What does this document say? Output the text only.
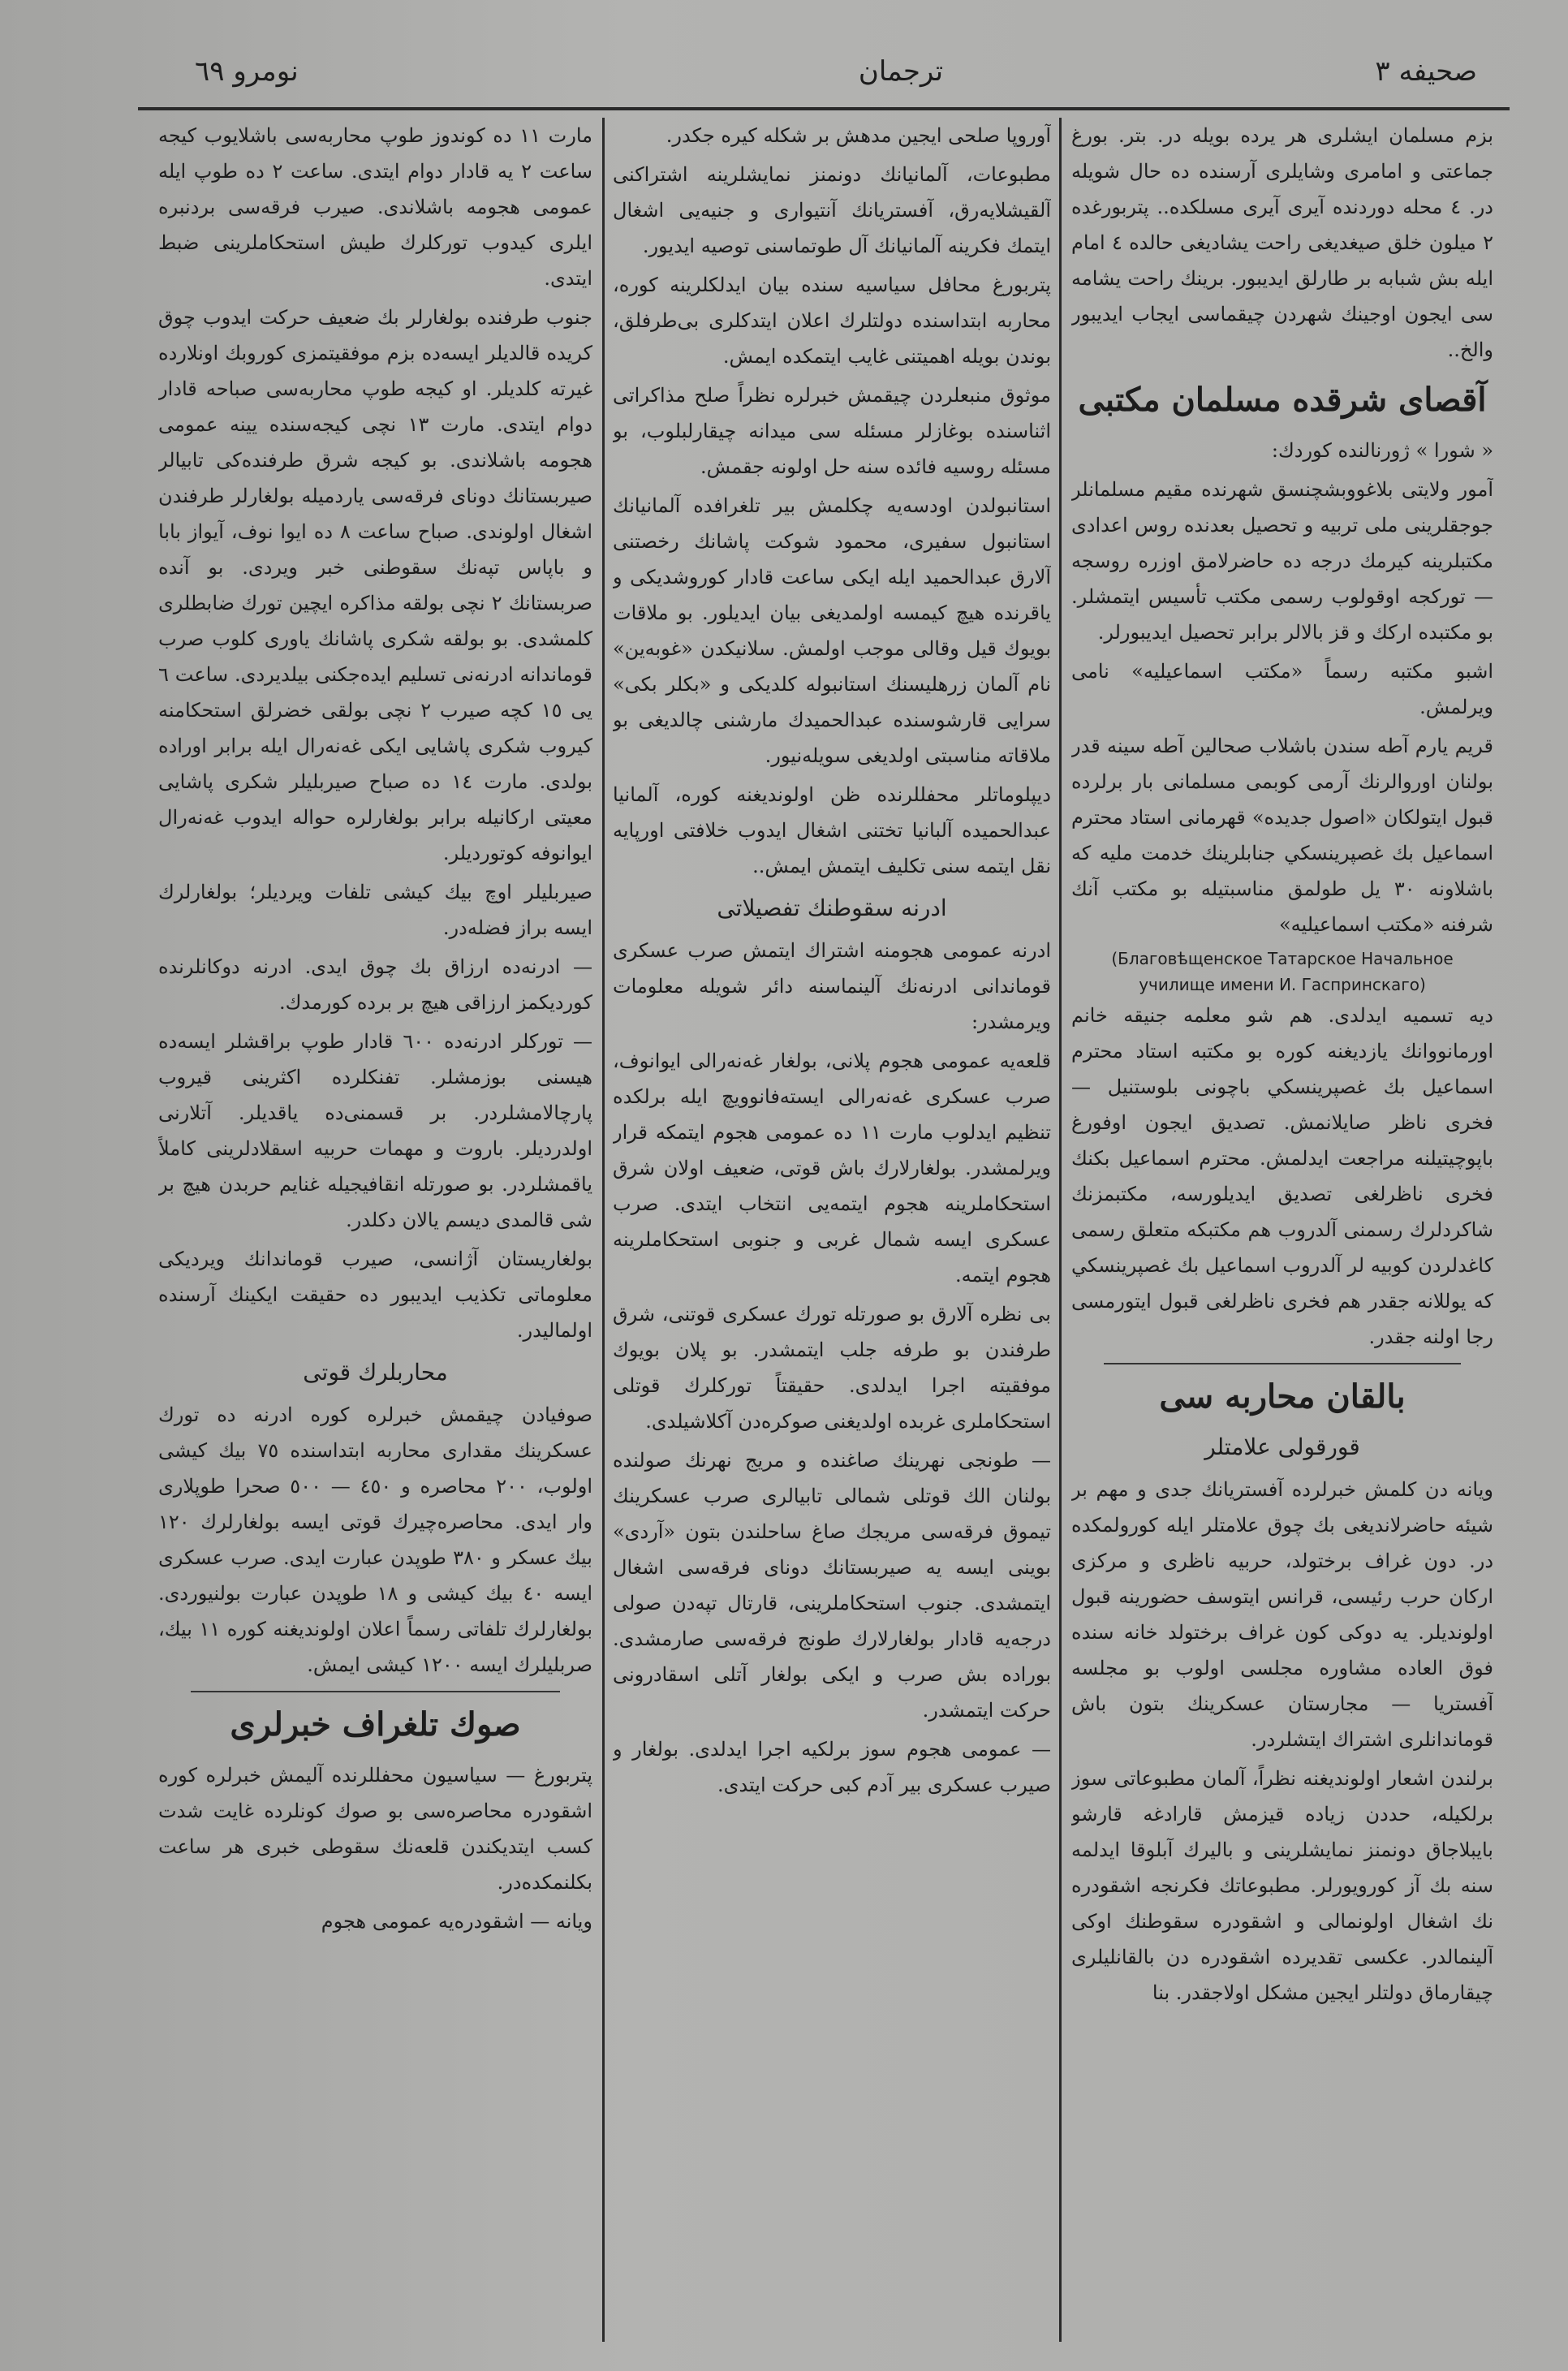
نومرو ٦٩	ترجمان	صحيفه ٣

بزم مسلمان ايشلری هر يرده بويله در. بتر. بورغ جماعتی و امامری وشايلری آرسنده ده حال شويله در. ٤ محله دوردنده آيری آيری مسلكده.. پتربورغده ٢ ميلون خلق صيغديغی راحت يشاديغی حالده ٤ امام ايله بش شبابه بر طارلق ايديبور. برينك راحت يشامه سی ايجون اوجينك شهردن چيقماسی ايجاب ايديبور والخ..

آقصای شرقده مسلمان مكتبی

« شورا » ژورنالنده كوردك:

آمور ولايتی بلاغووبشچنسق شهرنده مقيم مسلمانلر جوجقلرينی ملی تربيه و تحصيل بعدنده روس اعدادی مكتبلرينه كيرمك درجه ده حاضرلامق اوزره روسجه — توركجه اوقولوب رسمی مكتب تأسيس ايتمشلر. بو مكتبده اركك و قز بالالر برابر تحصيل ايديبورلر.

اشبو مكتبه رسماً «مكتب اسماعيليه» نامی ويرلمش.

قريم يارم آطه سندن باشلاب صحالين آطه سينه قدر بولنان اوروالرنك آرمی كوبمی مسلمانی بار برلرده قبول ايتولكان «اصول جديده» قهرمانی استاد محترم اسماعيل بك غصپرينسكي جنابلرينك خدمت مليه كه باشلاونه ٣٠ يل طولمق مناسبتيله بو مكتب آنك شرفنه «مكتب اسماعيليه»

(Благовѣщенское Татарское Начальное
училище имени И. Гаспринскаго)

ديه تسميه ايدلدی. هم شو معلمه جنيقه خانم اورمانووانك يازديغنه كوره بو مكتبه استاد محترم اسماعيل بك غصپرينسكي باچونی بلوستنيل — فخری ناظر صايلانمش. تصديق ايجون اوفورغ باپوچيتيلنه مراجعت ايدلمش. محترم اسماعيل بكنك فخری ناظرلغی تصديق ايديلورسه، مكتبمزنك شاكردلرك رسمنی آلدروب هم مكتبكه متعلق رسمی كاغدلردن كوبيه لر آلدروب اسماعيل بك غصپرينسكي كه يوللانه جقدر هم فخری ناظرلغی قبول ايتورمسی رجا اولنه جقدر.

بالقان محاربه سی
قورقولی علامتلر

ويانه دن كلمش خبرلرده آفستريانك جدی و مهم بر شيئه حاضرلانديغی بك چوق علامتلر ايله كورولمكده در. دون غراف برختولد، حربيه ناظری و مركزی اركان حرب رئيسی، قرانس ايتوسف حضورينه قبول اولوندیلر. يه دوكی كون غراف برختولد خانه سنده فوق العاده مشاوره مجلسی اولوب بو مجلسه آفستريا — مجارستان عسكرينك بتون باش قوماندانلری اشتراك ايتشلردر.

برلندن اشعار اولونديغنه نظراً، آلمان مطبوعاتی سوز برلكيله، حددن زياده قيزمش قارادغه قارشو بايبلاجاق دونمنز نمايشلرينی و باليرك آبلوقا ايدلمه سنه بك آز كورويورلر. مطبوعاتك فكرنجه اشقودره نك اشغال اولونمالی و اشقودره سقوطنك اوكی آلينمالدر. عكسی تقديرده اشقودره دن بالقانليلری چيقارماق دولتلر ايجين مشكل اولاجقدر. بنا

آوروپا صلحی ايجين مدهش بر شكله كيره جكدر.

مطبوعات، آلمانيانك دونمنز نمايشلرينه اشتراكنی آلقيشلايه‌رق، آفستريانك آنتيواری و جنيه‌يی اشغال ايتمك فكرينه آلمانيانك آل طوتماسنی توصيه ايديور.

پتربورغ محافل سياسيه سنده بيان ايدلكلرينه كوره، محاربه ابتداسنده دولتلرك اعلان ايتدكلری بی‌طرفلق، بوندن بويله اهميتنی غايب ايتمكده ايمش.

موثوق منبعلردن چيقمش خبرلره نظراً صلح مذاكراتی اثناسنده بوغازلر مسئله سی ميدانه چيقارلبلوب، بو مسئله روسيه فائده سنه حل اولونه جقمش.

استانبولدن اودسه‌يه چكلمش بير تلغرافده آلمانيانك استانبول سفيری، محمود شوكت پاشانك رخصتنی آلارق عبدالحميد ايله ايكی ساعت قادار كوروشديكی و ياقرنده هيچ كيمسه اولمديغی بيان ايديلور. بو ملاقات بويوك قيل وقالی موجب اولمش. سلانيكدن «غوبه‌ين» نام آلمان زرهليسنك استانبوله كلديكی و «بكلر بكی» سرايی قارشوسنده عبدالحميدك مارشنی چالديغی بو ملاقاته مناسبتی اولديغی سويله‌نيور.

ديپلوماتلر محفللرنده ظن اولونديغنه كوره، آلمانيا عبدالحميده آلبانيا تختنی اشغال ايدوب خلافتی اورپايه نقل ايتمه سنی تكليف ايتمش ايمش..

ادرنه سقوطنك تفصيلاتی

ادرنه عمومی هجومنه اشتراك ايتمش صرب عسكری قوماندانی ادرنه‌نك آلينماسنه دائر شويله معلومات ويرمشدر:

قلعه‌يه عمومی هجوم پلانی، بولغار غه‌نه‌رالی ايوانوف، صرب عسكری غه‌نه‌رالی ايسته‌فانوويچ ايله برلكده تنظيم ايدلوب مارت ١١ ده عمومی هجوم ايتمكه قرار ويرلمشدر. بولغارلارك باش قوتی، ضعيف اولان شرق استحكاملرينه هجوم ايتمه‌يی انتخاب ايتدی. صرب عسكری ايسه شمال غربی و جنوبی استحكاملرينه هجوم ايتمه.

بی نظره آلارق بو صورتله تورك عسكری قوتنی، شرق طرفندن بو طرفه جلب ايتمشدر. بو پلان بويوك موفقيته اجرا ايدلدی. حقيقتاً توركلرك قوتلی استحكاملری غربده اولديغنی صوكره‌دن آكلاشيلدی.

— طونجی نهرينك صاغنده و مريج نهرنك صولنده بولنان الك قوتلی شمالی تابيالری صرب عسكرينك تيموق فرقه‌سی مريجك صاغ ساحلندن بتون «آردی» بوينی ايسه يه صيربستانك دونای فرقه‌سی اشغال ايتمشدی. جنوب استحكاملرينی، قارتال تپه‌دن صولی درجه‌يه قادار بولغارلارك طونج فرقه‌سی صارمشدی. بوراده بش صرب و ايكی بولغار آتلی اسقادرونی حركت ايتمشدر.

— عمومی هجوم سوز برلكيه اجرا ايدلدی. بولغار و صيرب عسكری بير آدم كبی حركت ايتدی.

مارت ١١ ده كوندوز طوپ محاربه‌سی باشلايوب كيجه ساعت ٢ يه قادار دوام ايتدی. ساعت ٢ ده طوپ ايله عمومی هجومه باشلاندی. صيرب فرقه‌سی بردنبره ايلری كيدوب توركلرك طيش استحكاملرينی ضبط ايتدی.

جنوب طرفنده بولغارلر بك ضعيف حركت ايدوب چوق كريده قالديلر ايسه‌ده بزم موفقيتمزی كوروبك اونلارده غيرته كلديلر. او كيجه طوپ محاربه‌سی صباحه قادار دوام ايتدی. مارت ١٣ نچی كيجه‌سنده يينه عمومی هجومه باشلاندی. بو كيجه شرق طرفنده‌كی تابيالر صيربستانك دونای فرقه‌سی ياردميله بولغارلر طرفندن اشغال اولوندی. صباح ساعت ٨ ده ايوا نوف، آيواز بابا و باپاس تپه‌نك سقوطنی خبر ويردی. بو آنده صربستانك ٢ نچی بولقه مذاكره ايچين تورك ضابطلری كلمشدی. بو بولقه شكری پاشانك ياوری كلوب صرب قوماندانه ادرنه‌نی تسليم ايده‌جكنی بيلديردی. ساعت ٦ يی ١٥ كچه صيرب ٢ نچی بولقی خضرلق استحكامنه كيروب شكری پاشايی ايكی غه‌نه‌رال ايله برابر اوراده بولدی. مارت ١٤ ده صباح صيربليلر شكری پاشايی معيتی اركانيله برابر بولغارلره حواله ايدوب غه‌نه‌رال ايوانوفه كوتوردیلر.

صيربليلر اوچ بيك كيشی تلفات ويرديلر؛ بولغارلرك ايسه براز فضله‌در.

— ادرنه‌ده ارزاق بك چوق ايدی. ادرنه دوكانلرنده كورديكمز ارزاقی هيچ بر برده كورمدك.

— توركلر ادرنه‌ده ٦٠٠ قادار طوپ براقشلر ايسه‌ده هيسنی بوزمشلر. تفنكلرده اكثرينی قيروب پارچالامشلردر. بر قسمنی‌ده ياقديلر. آتلارنی اولدرديلر. باروت و مهمات حربيه اسقلادلرينی كاملاً ياقمشلردر. بو صورتله انقافيجيله غنايم حربدن هيچ بر شی قالمدی ديسم يالان دكلدر.

بولغاريستان آژانسی، صيرب قوماندانك ويرديكی معلوماتی تكذيب ايديبور ده حقيقت ايكينك آرسنده اولماليدر.

محاربلرك قوتی

صوفيادن چيقمش خبرلره كوره ادرنه ده تورك عسكرينك مقداری محاربه ابتداسنده ٧٥ بيك كيشی اولوب، ٢٠٠ محاصره و ٤٥٠ — ٥٠٠ صحرا طوپلاری وار ايدی. محاصره‌چيرك قوتی ايسه بولغارلرك ١٢٠ بيك عسكر و ٣٨٠ طوپدن عبارت ايدی. صرب عسكری ايسه ٤٠ بيك كيشی و ١٨ طوپدن عبارت بولنيوردی. بولغارلرك تلفاتی رسماً اعلان اولونديغنه كوره ١١ بيك، صربليلرك ايسه ١٢٠٠ كيشی ايمش.

صوك تلغراف خبرلری

پتربورغ — سياسيون محفللرنده آليمش خبرلره كوره اشقودره محاصره‌سی بو صوك كونلرده غايت شدت كسب ايتديكندن قلعه‌نك سقوطی خبری هر ساعت بكلنمكده‌در.

ويانه — اشقودره‌يه عمومی هجوم
